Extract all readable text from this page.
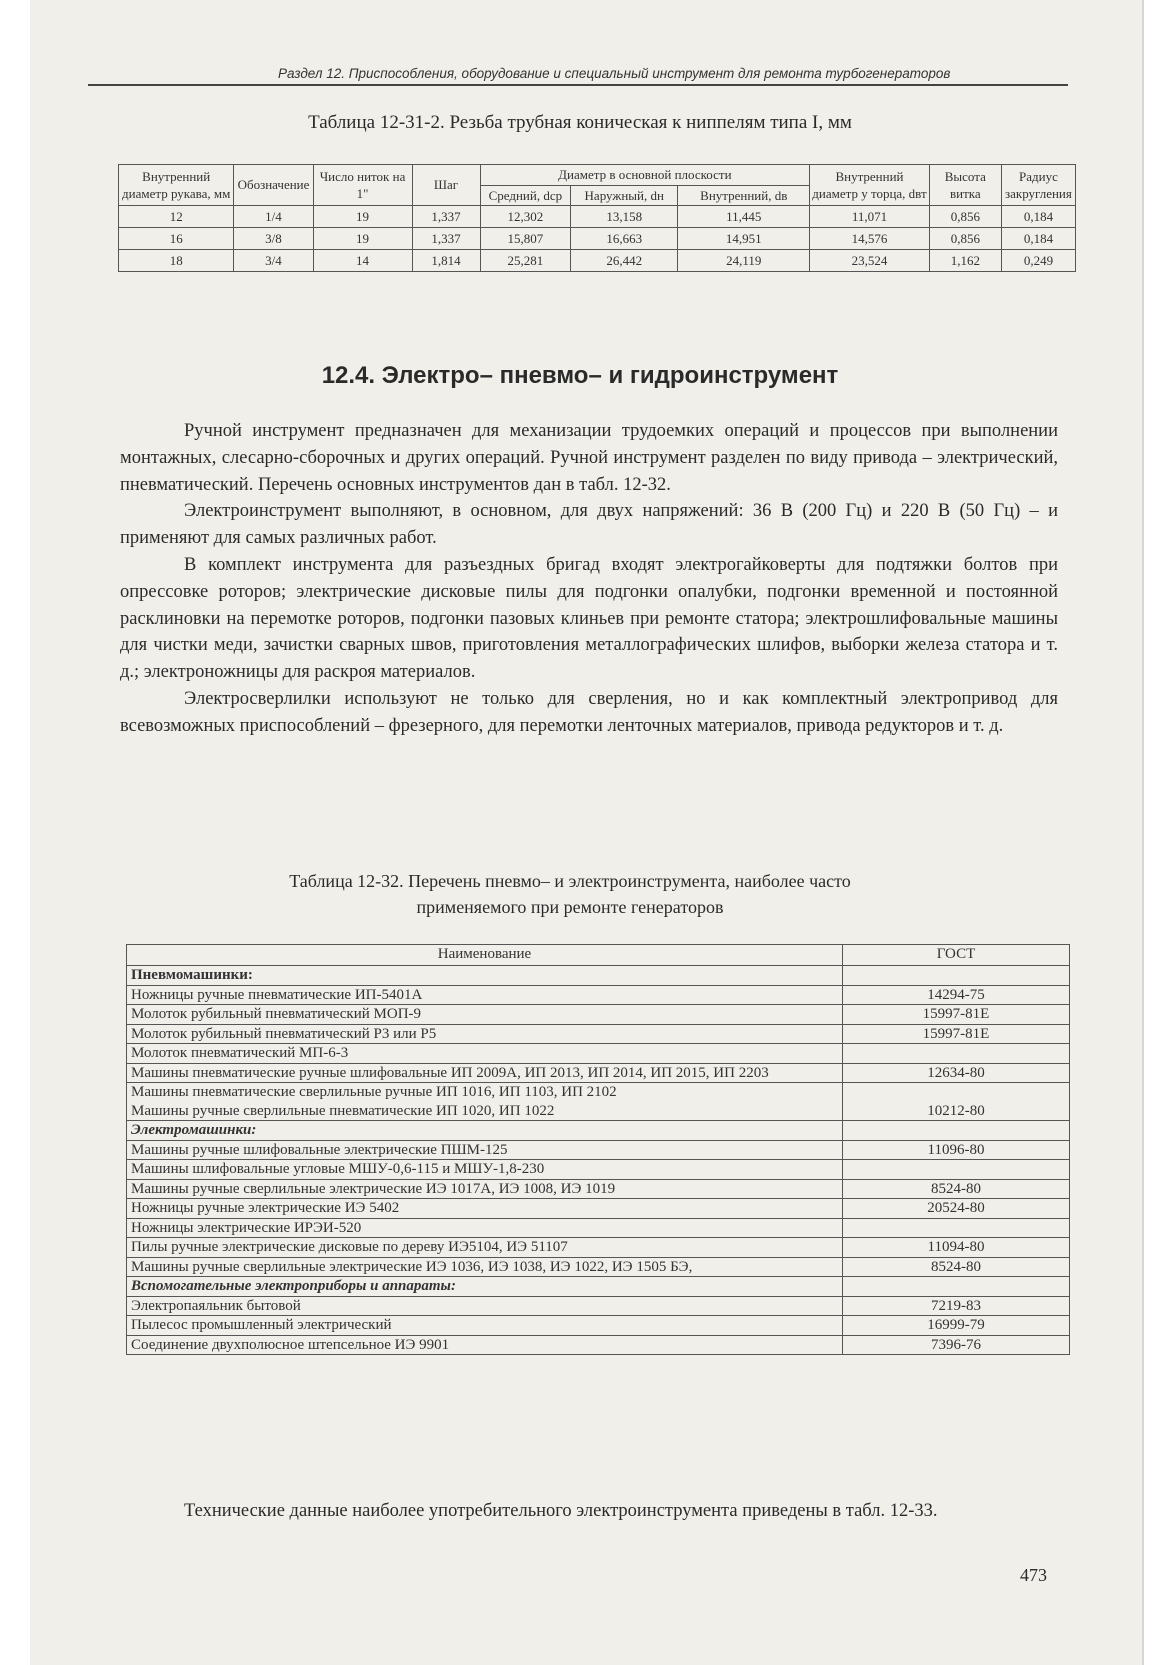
Раздел 12. Приспособления, оборудование и специальный инструмент для ремонта турбогенераторов
Таблица 12-31-2. Резьба трубная коническая к ниппелям типа I, мм
Внутренний диаметр рукава, мм	Обозначение	Число ниток на 1"	Шаг	Диаметр в основной плоскости			Внутренний диаметр у торца, dвт	Высота витка	Радиус закругления
				Средний, dср	Наружный, dн	Внутренний, dв			
12	1/4	19	1,337	12,302	13,158	11,445	11,071	0,856	0,184
16	3/8	19	1,337	15,807	16,663	14,951	14,576	0,856	0,184
18	3/4	14	1,814	25,281	26,442	24,119	23,524	1,162	0,249
12.4. Электро– пневмо– и гидроинструмент

Ручной инструмент предназначен для механизации трудоемких операций и процессов при выполнении монтажных, слесарно-сборочных и других операций. Ручной инструмент разделен по виду привода – электрический, пневматический. Перечень основных инструментов дан в табл. 12-32.

Электроинструмент выполняют, в основном, для двух напряжений: 36 В (200 Гц) и 220 В (50 Гц) – и применяют для самых различных работ.

В комплект инструмента для разъездных бригад входят электрогайковерты для подтяжки болтов при опрессовке роторов; электрические дисковые пилы для подгонки опалубки, подгонки временной и постоянной расклиновки на перемотке роторов, подгонки пазовых клиньев при ремонте статора; электрошлифовальные машины для чистки меди, зачистки сварных швов, приготовления металлографических шлифов, выборки железа статора и т. д.; электроножницы для раскроя материалов.

Электросверлилки используют не только для сверления, но и как комплектный электропривод для всевозможных приспособлений – фрезерного, для перемотки ленточных материалов, привода редукторов и т. д.

Таблица 12-32. Перечень пневмо– и электроинструмента, наиболее часто
применяемого при ремонте генераторов
Наименование	ГОСТ
Пневмомашинки:	
Ножницы ручные пневматические ИП-5401А	14294-75
Молоток рубильный пневматический МОП-9	15997-81Е
Молоток рубильный пневматический Р3 или Р5	15997-81Е
Молоток пневматический МП-6-3	
Машины пневматические ручные шлифовальные ИП 2009А, ИП 2013, ИП 2014, ИП 2015, ИП 2203	12634-80

Машины пневматические сверлильные ручные ИП 1016, ИП 1103, ИП 2102
Машины ручные сверлильные пневматические ИП 1020, ИП 1022	10212-80
Электромашинки:	
Машины ручные шлифовальные электрические ПШМ-125	11096-80
Машины шлифовальные угловые МШУ-0,6-115 и МШУ-1,8-230	
Машины ручные сверлильные электрические ИЭ 1017А, ИЭ 1008, ИЭ 1019	8524-80
Ножницы ручные электрические ИЭ 5402	20524-80
Ножницы электрические ИРЭИ-520	
Пилы ручные электрические дисковые по дереву ИЭ5104, ИЭ 51107	11094-80
Машины ручные сверлильные электрические ИЭ 1036, ИЭ 1038, ИЭ 1022, ИЭ 1505 БЭ,	8524-80
Вспомогательные электроприборы и аппараты:	
Электропаяльник бытовой	7219-83
Пылесос промышленный электрический	16999-79
Соединение двухполюсное штепсельное ИЭ 9901	7396-76

Технические данные наиболее употребительного электроинструмента приведены в табл. 12-33.

473
